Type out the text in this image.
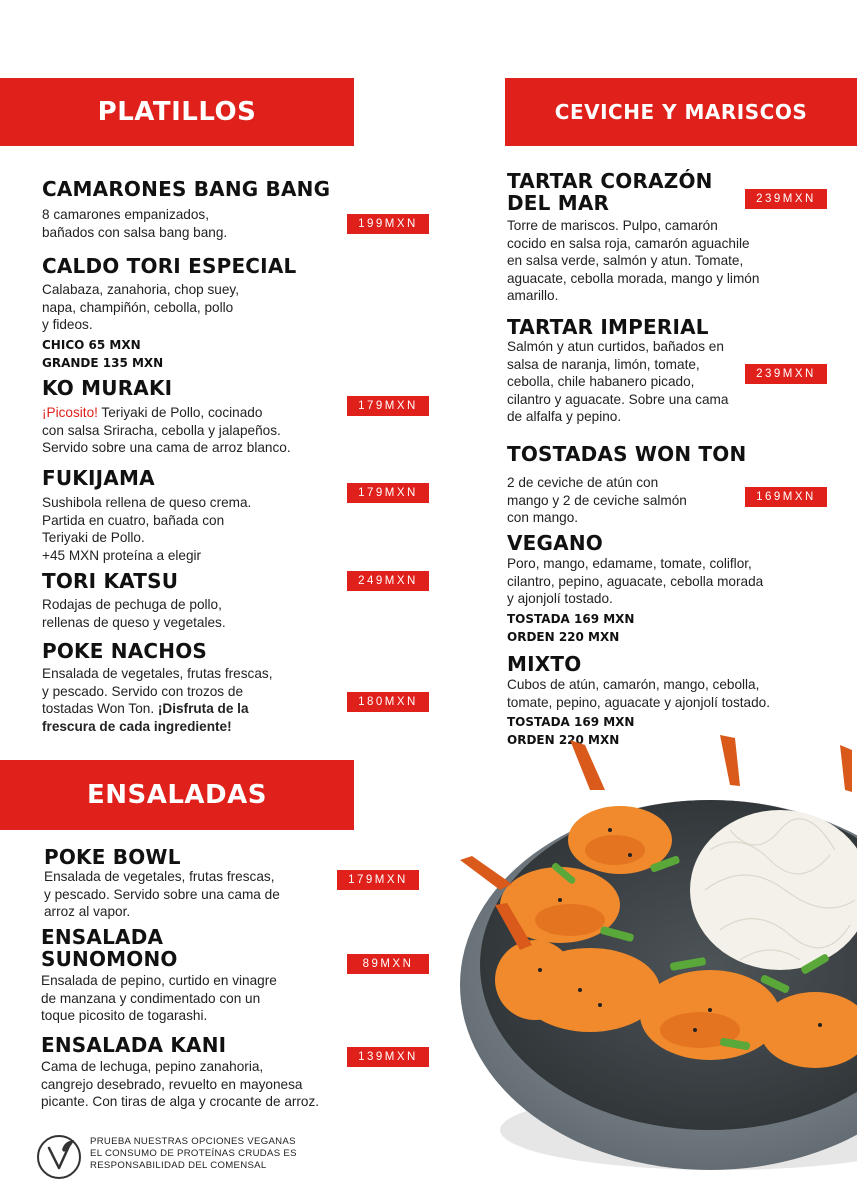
PLATILLOS	CEVICHE Y MARISCOS
ENSALADAS
CAMARONES BANG BANG
8 camarones empanizados,
bañados con salsa bang bang.
199MXN
CALDO TORI ESPECIAL
Calabaza, zanahoria, chop suey,
napa, champiñón, cebolla, pollo
y fideos.
CHICO 65 MXN
GRANDE 135 MXN
KO MURAKI
¡Picosito! Teriyaki de Pollo, cocinado
con salsa Sriracha, cebolla y jalapeños.
Servido sobre una cama de arroz blanco.
179MXN
FUKIJAMA
Sushibola rellena de queso crema.
Partida en cuatro, bañada con
Teriyaki de Pollo.
+45 MXN proteína a elegir
179MXN
TORI KATSU
Rodajas de pechuga de pollo,
rellenas de queso y vegetales.
249MXN
POKE NACHOS
Ensalada de vegetales, frutas frescas,
y pescado. Servido con trozos de
tostadas Won Ton. ¡Disfruta de la
frescura de cada ingrediente!
180MXN
TARTAR CORAZÓN
DEL MAR	239MXN
Torre de mariscos. Pulpo, camarón
cocido en salsa roja, camarón aguachile
en salsa verde, salmón y atun. Tomate,
aguacate, cebolla morada, mango y limón
amarillo.
TARTAR IMPERIAL
Salmón y atun curtidos, bañados en
salsa de naranja, limón, tomate,
cebolla, chile habanero picado,
cilantro y aguacate. Sobre una cama
de alfalfa y pepino.
239MXN
TOSTADAS WON TON
2 de ceviche de atún con
mango y 2 de ceviche salmón
con mango.
169MXN
VEGANO
Poro, mango, edamame, tomate, coliflor,
cilantro, pepino, aguacate, cebolla morada
y ajonjolí tostado.
TOSTADA 169 MXN
ORDEN 220 MXN
MIXTO
Cubos de atún, camarón, mango, cebolla,
tomate, pepino, aguacate y ajonjolí tostado.
TOSTADA 169 MXN
ORDEN 220 MXN
POKE BOWL
Ensalada de vegetales, frutas frescas,
y pescado. Servido sobre una cama de
arroz al vapor.
179MXN
ENSALADA
SUNOMONO	89MXN
Ensalada de pepino, curtido en vinagre
de manzana y condimentado con un
toque picosito de togarashi.
ENSALADA KANI
Cama de lechuga, pepino zanahoria,
cangrejo desebrado, revuelto en mayonesa
picante. Con tiras de alga y crocante de arroz.
139MXN
PRUEBA NUESTRAS OPCIONES VEGANAS
EL CONSUMO DE PROTEÍNAS CRUDAS ES
RESPONSABILIDAD DEL COMENSAL
